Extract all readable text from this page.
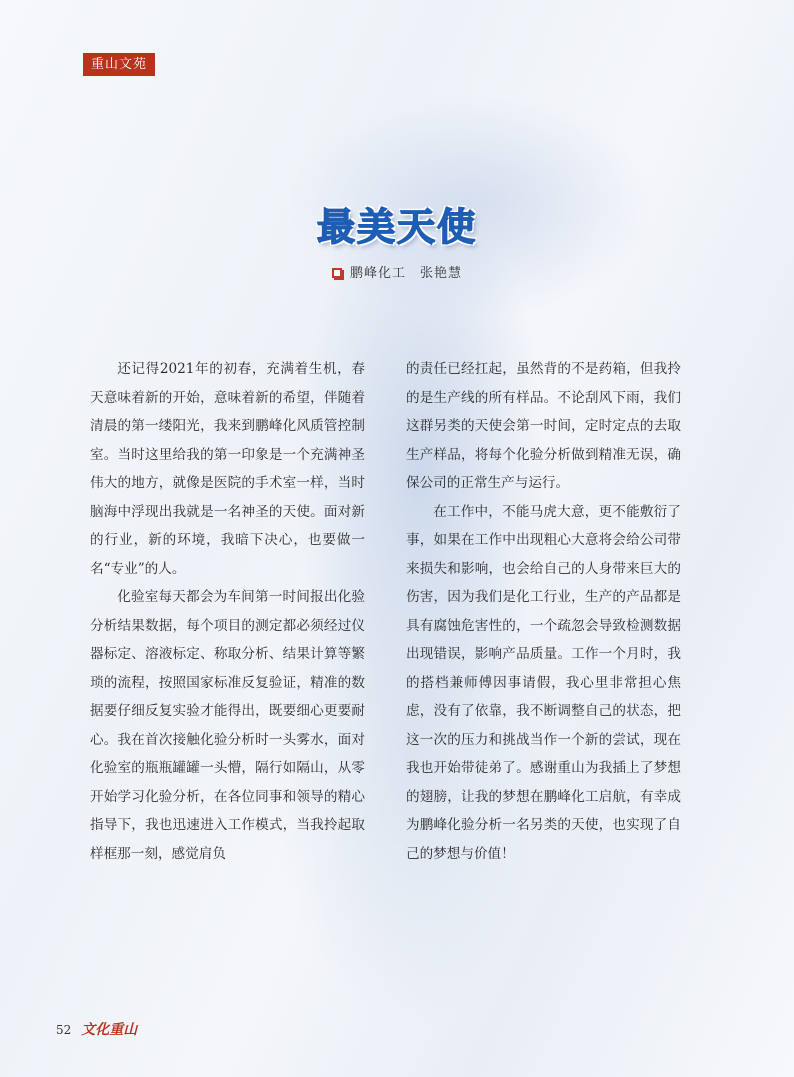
重山文苑
最美天使
鹏峰化工 张艳慧

还记得2021年的初春，充满着生机，春天意味着新的开始，意味着新的希望，伴随着清晨的第一缕阳光，我来到鹏峰化风质管控制室。当时这里给我的第一印象是一个充满神圣伟大的地方，就像是医院的手术室一样，当时脑海中浮现出我就是一名神圣的天使。面对新的行业，新的环境，我暗下决心，也要做一名“专业”的人。

化验室每天都会为车间第一时间报出化验分析结果数据，每个项目的测定都必须经过仪器标定、溶液标定、称取分析、结果计算等繁琐的流程，按照国家标准反复验证，精准的数据要仔细反复实验才能得出，既要细心更要耐心。我在首次接触化验分析时一头雾水，面对化验室的瓶瓶罐罐一头懵，隔行如隔山，从零开始学习化验分析，在各位同事和领导的精心指导下，我也迅速进入工作模式，当我拎起取样框那一刻，感觉肩负

的责任已经扛起，虽然背的不是药箱，但我拎的是生产线的所有样品。不论刮风下雨，我们这群另类的天使会第一时间，定时定点的去取生产样品，将每个化验分析做到精准无误，确保公司的正常生产与运行。

在工作中，不能马虎大意，更不能敷衍了事，如果在工作中出现粗心大意将会给公司带来损失和影响，也会给自己的人身带来巨大的伤害，因为我们是化工行业，生产的产品都是具有腐蚀危害性的，一个疏忽会导致检测数据出现错误，影响产品质量。工作一个月时，我的搭档兼师傅因事请假，我心里非常担心焦虑，没有了依靠，我不断调整自己的状态，把这一次的压力和挑战当作一个新的尝试，现在我也开始带徒弟了。感谢重山为我插上了梦想的翅膀，让我的梦想在鹏峰化工启航，有幸成为鹏峰化验分析一名另类的天使，也实现了自己的梦想与价值！

52 文化重山
